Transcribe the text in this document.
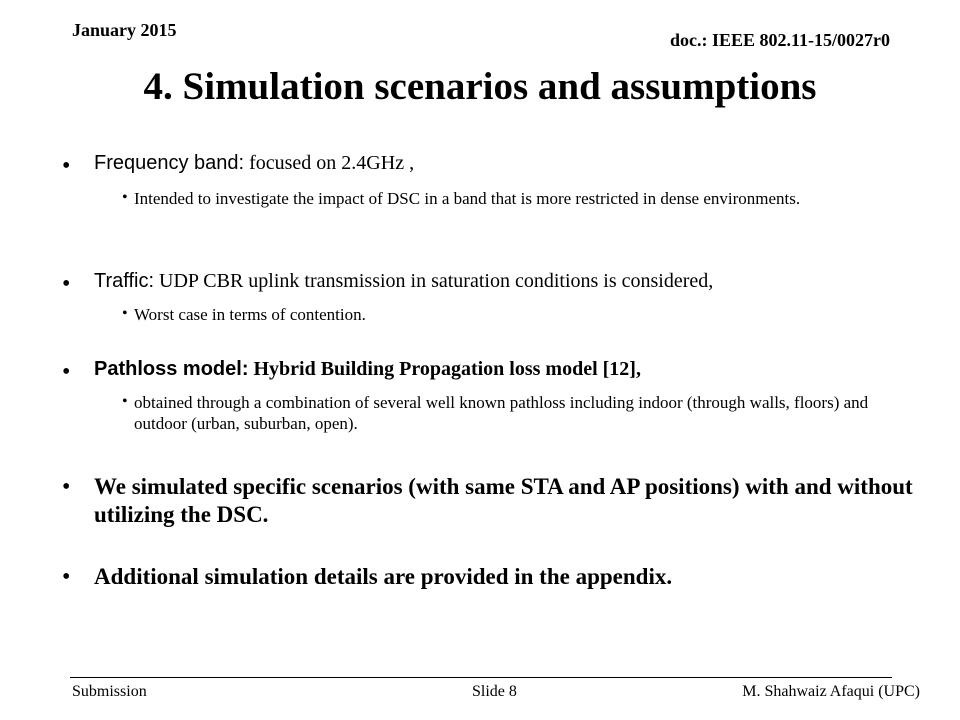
January 2015	doc.: IEEE 802.11-15/0027r0
4. Simulation scenarios and assumptions
• Frequency band: focused on 2.4GHz ,
• Intended to investigate the impact of DSC in a band that is more restricted in dense environments.
• Traffic: UDP CBR uplink transmission in saturation conditions is considered,
• Worst case in terms of contention.
• Pathloss model: Hybrid Building Propagation loss model [12],
• obtained through a combination of several well known pathloss including indoor (through walls, floors) and outdoor (urban, suburban, open).
• We simulated specific scenarios (with same STA and AP positions) with and without utilizing the DSC.
• Additional simulation details are provided in the appendix.
Submission	Slide 8	M. Shahwaiz Afaqui (UPC)
